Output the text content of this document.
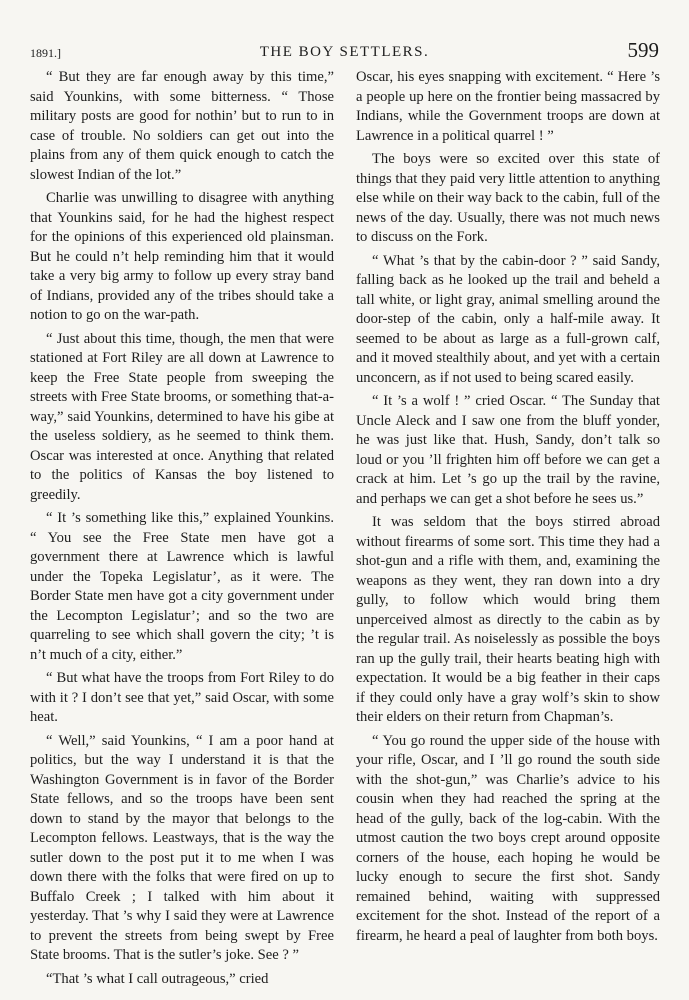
1891.]	THE BOY SETTLERS.	599

“ But they are far enough away by this time,” said Younkins, with some bitterness. “ Those military posts are good for nothin’ but to run to in case of trouble. No soldiers can get out into the plains from any of them quick enough to catch the slowest Indian of the lot.”

Charlie was unwilling to disagree with anything that Younkins said, for he had the highest respect for the opinions of this experienced old plainsman. But he could n’t help reminding him that it would take a very big army to follow up every stray band of Indians, provided any of the tribes should take a notion to go on the war-path.

“ Just about this time, though, the men that were stationed at Fort Riley are all down at Lawrence to keep the Free State people from sweeping the streets with Free State brooms, or something that-a-way,” said Younkins, determined to have his gibe at the useless soldiery, as he seemed to think them. Oscar was interested at once. Anything that related to the politics of Kansas the boy listened to greedily.

“ It ’s something like this,” explained Younkins. “ You see the Free State men have got a government there at Lawrence which is lawful under the Topeka Legislatur’, as it were. The Border State men have got a city government under the Lecompton Legislatur’; and so the two are quarreling to see which shall govern the city; ’t is n’t much of a city, either.”

“ But what have the troops from Fort Riley to do with it ? I don’t see that yet,” said Oscar, with some heat.

“ Well,” said Younkins, “ I am a poor hand at politics, but the way I understand it is that the Washington Government is in favor of the Border State fellows, and so the troops have been sent down to stand by the mayor that belongs to the Lecompton fellows. Leastways, that is the way the sutler down to the post put it to me when I was down there with the folks that were fired on up to Buffalo Creek ; I talked with him about it yesterday. That ’s why I said they were at Lawrence to prevent the streets from being swept by Free State brooms. That is the sutler’s joke. See ? ”

“That ’s what I call outrageous,” cried

Oscar, his eyes snapping with excitement. “ Here ’s a people up here on the frontier being massacred by Indians, while the Government troops are down at Lawrence in a political quarrel ! ”

The boys were so excited over this state of things that they paid very little attention to anything else while on their way back to the cabin, full of the news of the day. Usually, there was not much news to discuss on the Fork.

“ What ’s that by the cabin-door ? ” said Sandy, falling back as he looked up the trail and beheld a tall white, or light gray, animal smelling around the door-step of the cabin, only a half-mile away. It seemed to be about as large as a full-grown calf, and it moved stealthily about, and yet with a certain unconcern, as if not used to being scared easily.

“ It ’s a wolf ! ” cried Oscar. “ The Sunday that Uncle Aleck and I saw one from the bluff yonder, he was just like that. Hush, Sandy, don’t talk so loud or you ’ll frighten him off before we can get a crack at him. Let ’s go up the trail by the ravine, and perhaps we can get a shot before he sees us.”

It was seldom that the boys stirred abroad without firearms of some sort. This time they had a shot-gun and a rifle with them, and, examining the weapons as they went, they ran down into a dry gully, to follow which would bring them unperceived almost as directly to the cabin as by the regular trail. As noiselessly as possible the boys ran up the gully trail, their hearts beating high with expectation. It would be a big feather in their caps if they could only have a gray wolf’s skin to show their elders on their return from Chapman’s.

“ You go round the upper side of the house with your rifle, Oscar, and I ’ll go round the south side with the shot-gun,” was Charlie’s advice to his cousin when they had reached the spring at the head of the gully, back of the log-cabin. With the utmost caution the two boys crept around opposite corners of the house, each hoping he would be lucky enough to secure the first shot. Sandy remained behind, waiting with suppressed excitement for the shot. Instead of the report of a firearm, he heard a peal of laughter from both boys.
